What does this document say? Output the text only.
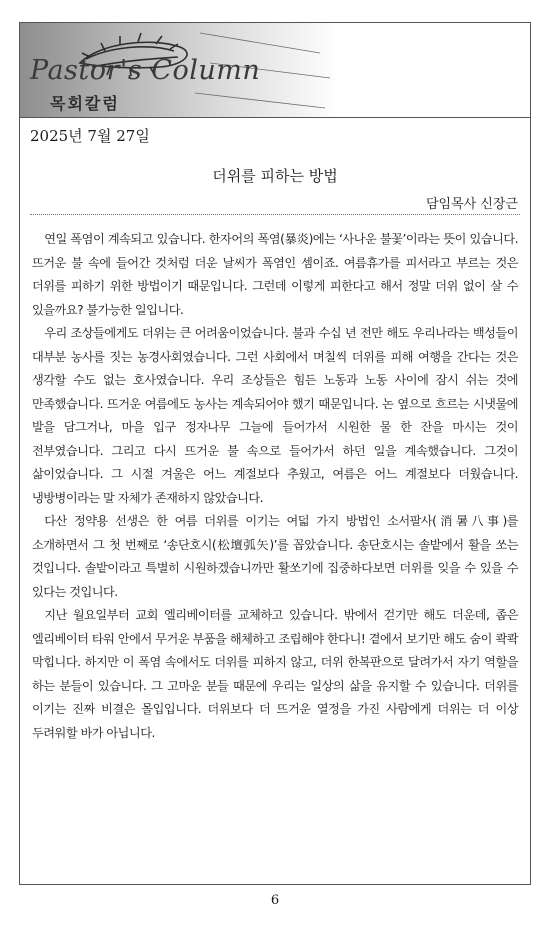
Pastor's Column
목회칼럼
2025년 7월 27일
더위를 피하는 방법
담임목사 신장근

연일 폭염이 계속되고 있습니다. 한자어의 폭염(暴炎)에는 ‘사나운 불꽃’이라는 뜻이 있습니다. 뜨거운 불 속에 들어간 것처럼 더운 날씨가 폭염인 셈이죠. 여름휴가를 피서라고 부르는 것은 더위를 피하기 위한 방법이기 때문입니다. 그런데 이렇게 피한다고 해서 정말 더위 없이 살 수 있을까요? 불가능한 일입니다.

우리 조상들에게도 더위는 큰 어려움이었습니다. 불과 수십 년 전만 해도 우리나라는 백성들이 대부분 농사를 짓는 농경사회였습니다. 그런 사회에서 며칠씩 더위를 피해 여행을 간다는 것은 생각할 수도 없는 호사였습니다. 우리 조상들은 힘든 노동과 노동 사이에 잠시 쉬는 것에 만족했습니다. 뜨거운 여름에도 농사는 계속되어야 했기 때문입니다. 논 옆으로 흐르는 시냇물에 발을 담그거나, 마을 입구 정자나무 그늘에 들어가서 시원한 물 한 잔을 마시는 것이 전부였습니다. 그리고 다시 뜨거운 불 속으로 들어가서 하던 일을 계속했습니다. 그것이 삶이었습니다. 그 시절 겨울은 어느 계절보다 추웠고, 여름은 어느 계절보다 더웠습니다. 냉방병이라는 말 자체가 존재하지 않았습니다.

다산 정약용 선생은 한 여름 더위를 이기는 여덟 가지 방법인 소서팔사(消暑八事)를 소개하면서 그 첫 번째로 ‘송단호시(松壇弧矢)’를 꼽았습니다. 송단호시는 솔밭에서 활을 쏘는 것입니다. 솔밭이라고 특별히 시원하겠습니까만 활쏘기에 집중하다보면 더위를 잊을 수 있을 수 있다는 것입니다.

지난 월요일부터 교회 엘리베이터를 교체하고 있습니다. 밖에서 걷기만 해도 더운데, 좁은 엘리베이터 타워 안에서 무거운 부품을 해체하고 조립해야 한다니! 곁에서 보기만 해도 숨이 콱콱 막힙니다. 하지만 이 폭염 속에서도 더위를 피하지 않고, 더위 한복판으로 달려가서 자기 역할을 하는 분들이 있습니다. 그 고마운 분들 때문에 우리는 일상의 삶을 유지할 수 있습니다. 더위를 이기는 진짜 비결은 몰입입니다. 더위보다 더 뜨거운 열정을 가진 사람에게 더위는 더 이상 두려워할 바가 아닙니다.

6
